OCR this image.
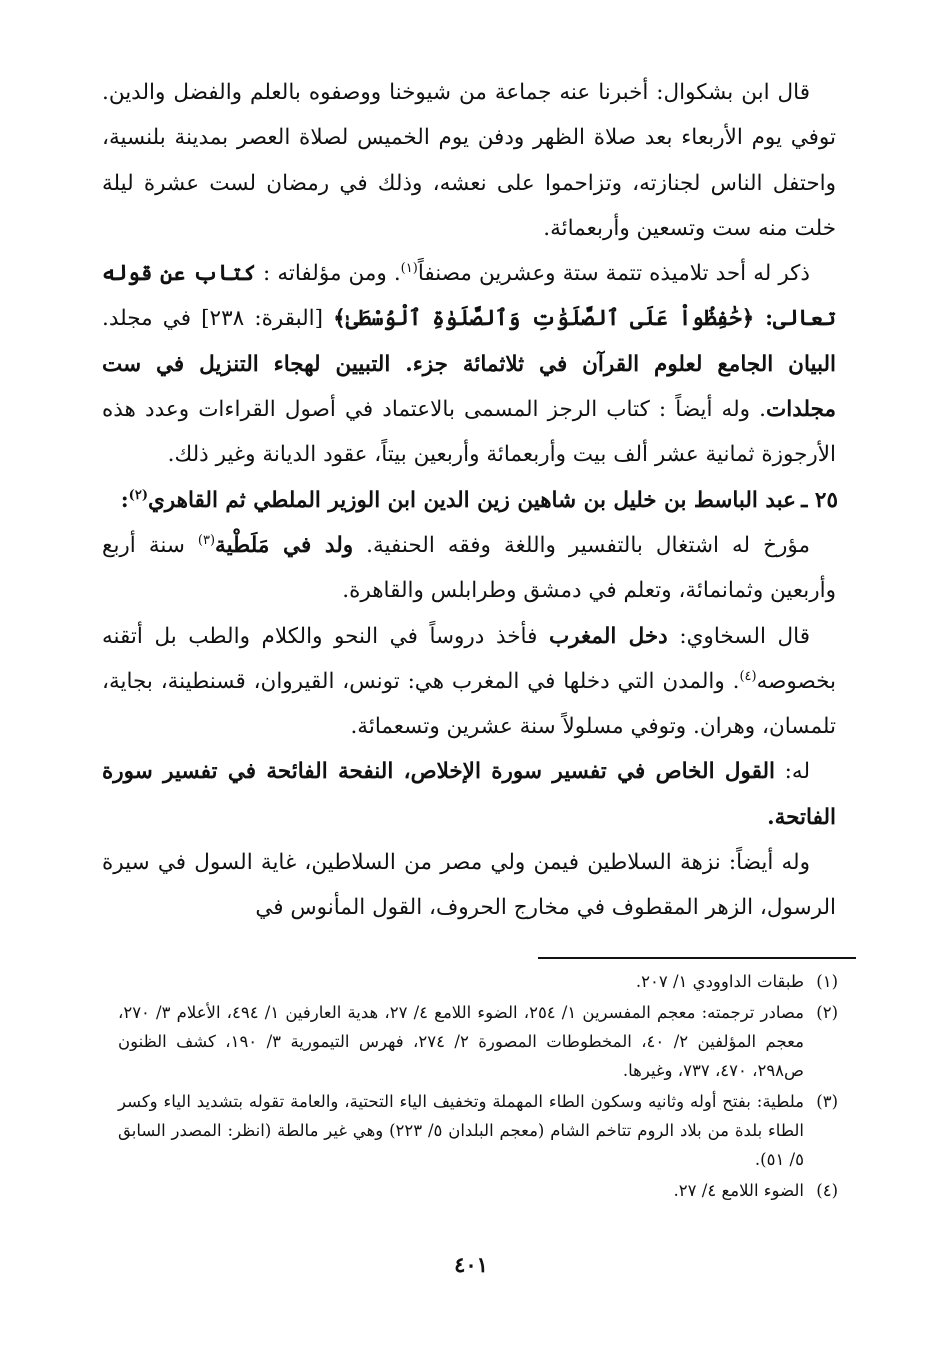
قال ابن بشكوال: أخبرنا عنه جماعة من شيوخنا ووصفوه بالعلم والفضل والدين. توفي يوم الأربعاء بعد صلاة الظهر ودفن يوم الخميس لصلاة العصر بمدينة بلنسية، واحتفل الناس لجنازته، وتزاحموا على نعشه، وذلك في رمضان لست عشرة ليلة خلت منه ست وتسعين وأربعمائة.

ذكر له أحد تلاميذه تتمة ستة وعشرين مصنفاً$^{(١)}$. ومن مؤلفاته : كتاب عن قوله تعالى: ﴿حَٰفِظُواْ عَلَى ٱلصَّلَوَٰتِ وَٱلصَّلَوٰةِ ٱلْوُسْطَىٰ﴾ [البقرة: ٢٣٨] في مجلد. البيان الجامع لعلوم القرآن في ثلاثمائة جزء. التبيين لهجاء التنزيل في ست مجلدات. وله أيضاً : كتاب الرجز المسمى بالاعتماد في أصول القراءات وعدد هذه الأرجوزة ثمانية عشر ألف بيت وأربعمائة وأربعين بيتاً، عقود الديانة وغير ذلك.

٢٥ ـ
عبد الباسط بن خليل بن شاهين زين الدين ابن الوزير الملطي ثم القاهري$^{(٢)}$:

مؤرخ له اشتغال بالتفسير واللغة وفقه الحنفية. ولد في مَلَطْية$^{(٣)}$ سنة أربع وأربعين وثمانمائة، وتعلم في دمشق وطرابلس والقاهرة.

قال السخاوي: دخل المغرب فأخذ دروساً في النحو والكلام والطب بل أتقنه بخصوصه$^{(٤)}$. والمدن التي دخلها في المغرب هي: تونس، القيروان، قسنطينة، بجاية، تلمسان، وهران. وتوفي مسلولاً سنة عشرين وتسعمائة.

له: القول الخاص في تفسير سورة الإخلاص، النفحة الفائحة في تفسير سورة الفاتحة.

وله أيضاً: نزهة السلاطين فيمن ولي مصر من السلاطين، غاية السول في سيرة الرسول، الزهر المقطوف في مخارج الحروف، القول المأنوس في

(١)
طبقات الداوودي ١/ ٢٠٧.
(٢)
مصادر ترجمته: معجم المفسرين ١/ ٢٥٤، الضوء اللامع ٤/ ٢٧، هدية العارفين ١/ ٤٩٤، الأعلام ٣/ ٢٧٠، معجم المؤلفين ٢/ ٤٠، المخطوطات المصورة ٢/ ٢٧٤، فهرس التيمورية ٣/ ١٩٠، كشف الظنون ص٢٩٨، ٤٧٠، ٧٣٧، وغيرها.
(٣)
ملطية: بفتح أوله وثانيه وسكون الطاء المهملة وتخفيف الياء التحتية، والعامة تقوله بتشديد الياء وكسر الطاء بلدة من بلاد الروم تتاخم الشام (معجم البلدان ٥/ ٢٢٣) وهي غير مالطة (انظر: المصدر السابق ٥/ ٥١).
(٤)
الضوء اللامع ٤/ ٢٧.
٤٠١
